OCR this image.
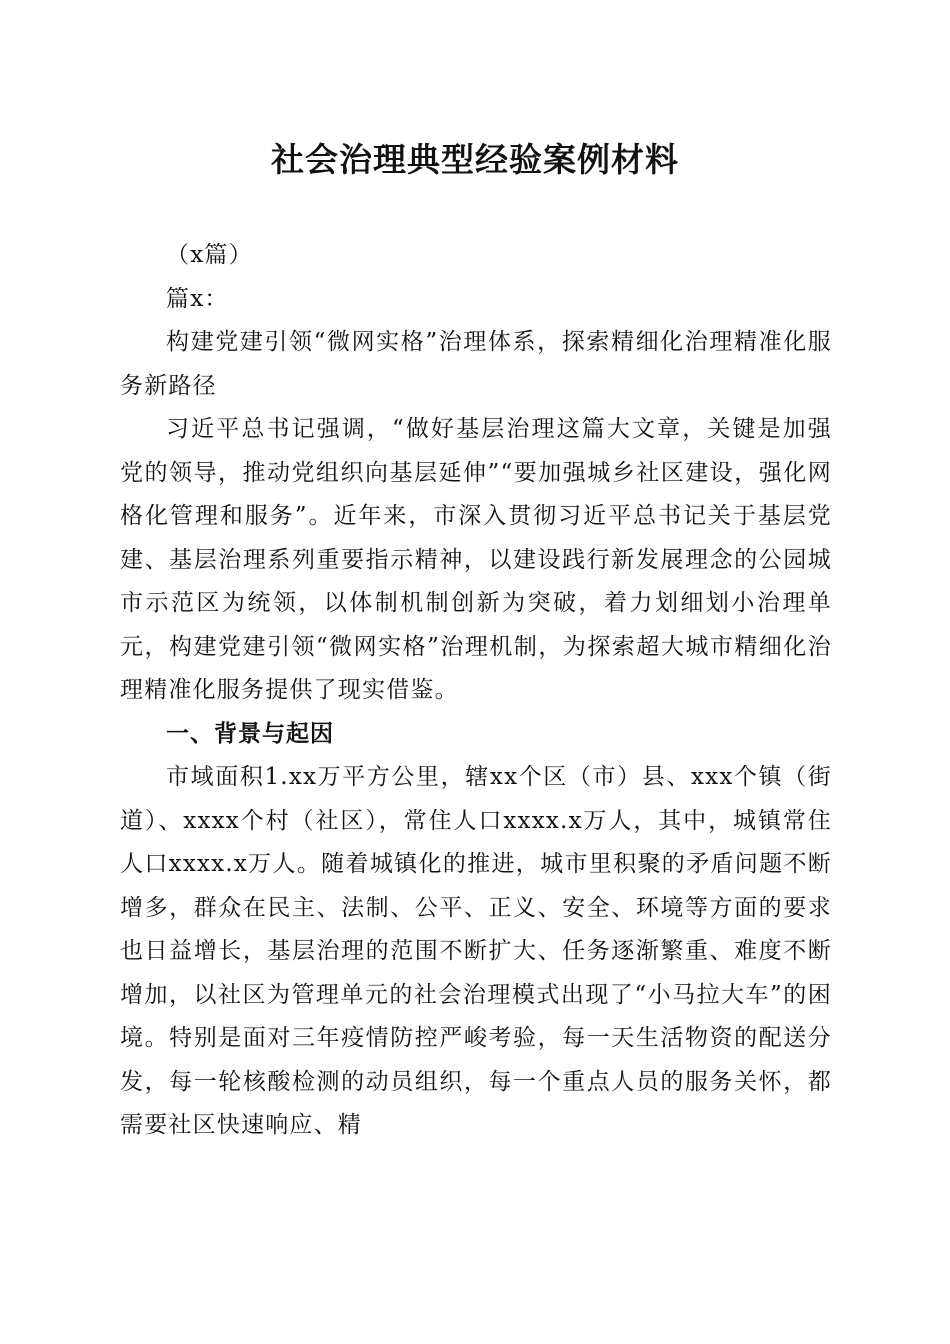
社会治理典型经验案例材料

（x篇）

篇x：

构建党建引领“微网实格”治理体系，探索精细化治理精准化服务新路径

习近平总书记强调，“做好基层治理这篇大文章，关键是加强党的领导，推动党组织向基层延伸”“要加强城乡社区建设，强化网格化管理和服务”。近年来，市深入贯彻习近平总书记关于基层党建、基层治理系列重要指示精神，以建设践行新发展理念的公园城市示范区为统领，以体制机制创新为突破，着力划细划小治理单元，构建党建引领“微网实格”治理机制，为探索超大城市精细化治理精准化服务提供了现实借鉴。

一、背景与起因

市域面积1.xx万平方公里，辖xx个区（市）县、xxx个镇（街道）、xxxx个村（社区），常住人口xxxx.x万人，其中，城镇常住人口xxxx.x万人。随着城镇化的推进，城市里积聚的矛盾问题不断增多，群众在民主、法制、公平、正义、安全、环境等方面的要求也日益增长，基层治理的范围不断扩大、任务逐渐繁重、难度不断增加，以社区为管理单元的社会治理模式出现了“小马拉大车”的困境。特别是面对三年疫情防控严峻考验，每一天生活物资的配送分发，每一轮核酸检测的动员组织，每一个重点人员的服务关怀，都需要社区快速响应、精
